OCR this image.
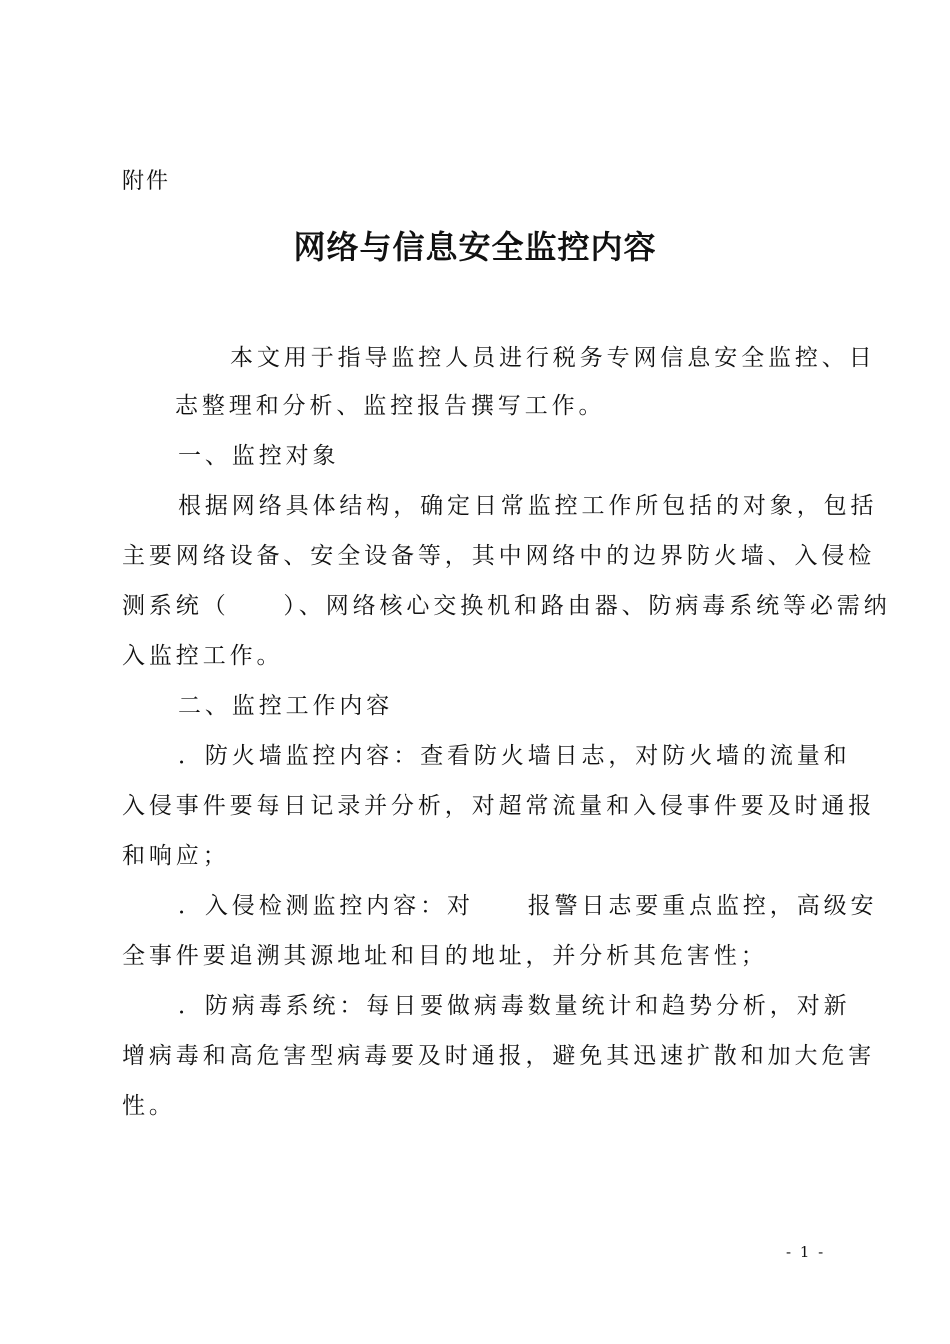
附件
网络与信息安全监控内容
本文用于指导监控人员进行税务专网信息安全监控、日
志整理和分析、监控报告撰写工作。
一、监控对象
根据网络具体结构，确定日常监控工作所包括的对象，包括
主要网络设备、安全设备等，其中网络中的边界防火墙、入侵检
测系统（　　）、网络核心交换机和路由器、防病毒系统等必需纳
入监控工作。
二、监控工作内容
．防火墙监控内容：查看防火墙日志，对防火墙的流量和
入侵事件要每日记录并分析，对超常流量和入侵事件要及时通报
和响应；
．入侵检测监控内容：对　　报警日志要重点监控，高级安
全事件要追溯其源地址和目的地址，并分析其危害性；
．防病毒系统：每日要做病毒数量统计和趋势分析，对新
增病毒和高危害型病毒要及时通报，避免其迅速扩散和加大危害
性。
- 1 -
